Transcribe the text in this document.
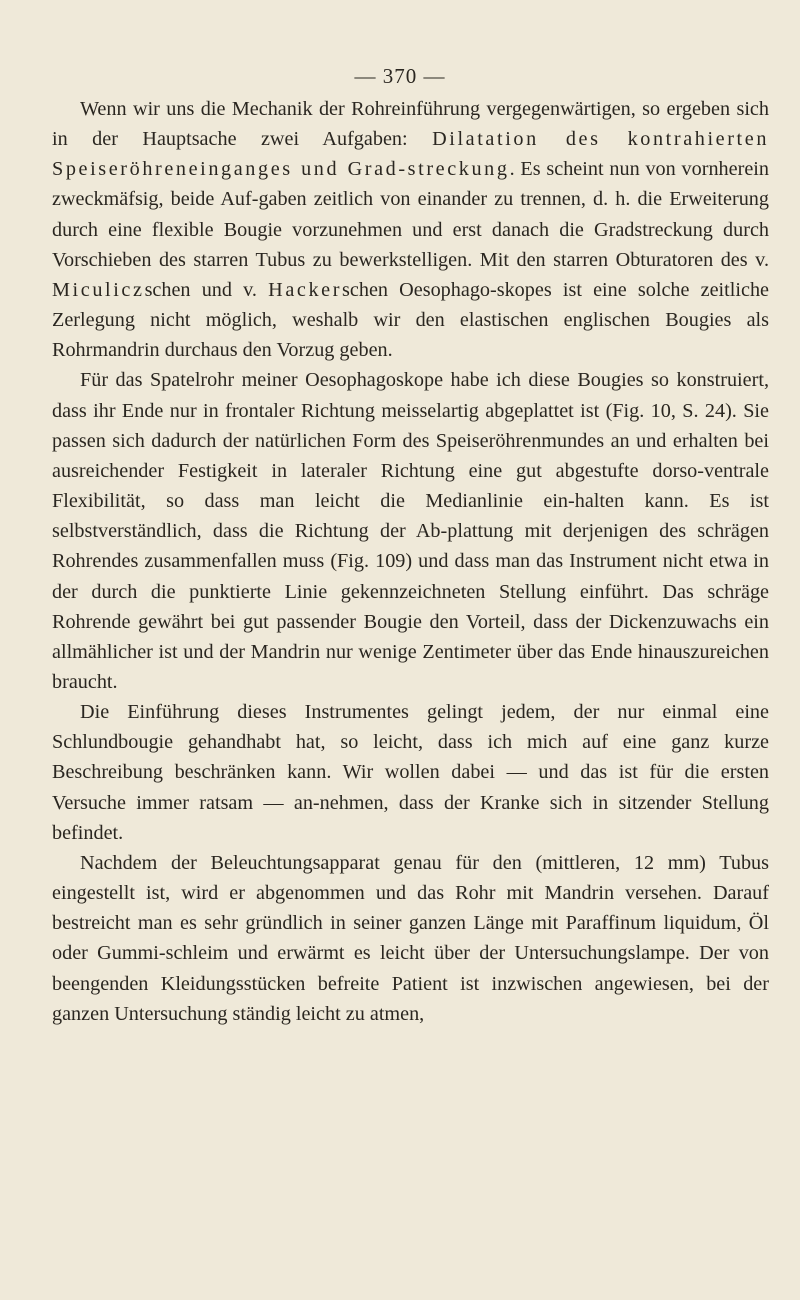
— 370 —

Wenn wir uns die Mechanik der Rohreinführung vergegenwärtigen, so ergeben sich in der Hauptsache zwei Aufgaben: Dilatation des kontrahierten Speiseröhreneinganges und Grad-streckung. Es scheint nun von vornherein zweckmäfsig, beide Auf-gaben zeitlich von einander zu trennen, d. h. die Erweiterung durch eine flexible Bougie vorzunehmen und erst danach die Gradstreckung durch Vorschieben des starren Tubus zu bewerkstelligen. Mit den starren Obturatoren des v. Miculiczschen und v. Hackerschen Oesophago-skopes ist eine solche zeitliche Zerlegung nicht möglich, weshalb wir den elastischen englischen Bougies als Rohrmandrin durchaus den Vorzug geben.

Für das Spatelrohr meiner Oesophagoskope habe ich diese Bougies so konstruiert, dass ihr Ende nur in frontaler Richtung meisselartig abgeplattet ist (Fig. 10, S. 24). Sie passen sich dadurch der natürlichen Form des Speiseröhrenmundes an und erhalten bei ausreichender Festigkeit in lateraler Richtung eine gut abgestufte dorso-ventrale Flexibilität, so dass man leicht die Medianlinie ein-halten kann. Es ist selbstverständlich, dass die Richtung der Ab-plattung mit derjenigen des schrägen Rohrendes zusammenfallen muss (Fig. 109) und dass man das Instrument nicht etwa in der durch die punktierte Linie gekennzeichneten Stellung einführt. Das schräge Rohrende gewährt bei gut passender Bougie den Vorteil, dass der Dickenzuwachs ein allmählicher ist und der Mandrin nur wenige Zentimeter über das Ende hinauszureichen braucht.

Die Einführung dieses Instrumentes gelingt jedem, der nur einmal eine Schlundbougie gehandhabt hat, so leicht, dass ich mich auf eine ganz kurze Beschreibung beschränken kann. Wir wollen dabei — und das ist für die ersten Versuche immer ratsam — an-nehmen, dass der Kranke sich in sitzender Stellung befindet.

Nachdem der Beleuchtungsapparat genau für den (mittleren, 12 mm) Tubus eingestellt ist, wird er abgenommen und das Rohr mit Mandrin versehen. Darauf bestreicht man es sehr gründlich in seiner ganzen Länge mit Paraffinum liquidum, Öl oder Gummi-schleim und erwärmt es leicht über der Untersuchungslampe. Der von beengenden Kleidungsstücken befreite Patient ist inzwischen angewiesen, bei der ganzen Untersuchung ständig leicht zu atmen,
